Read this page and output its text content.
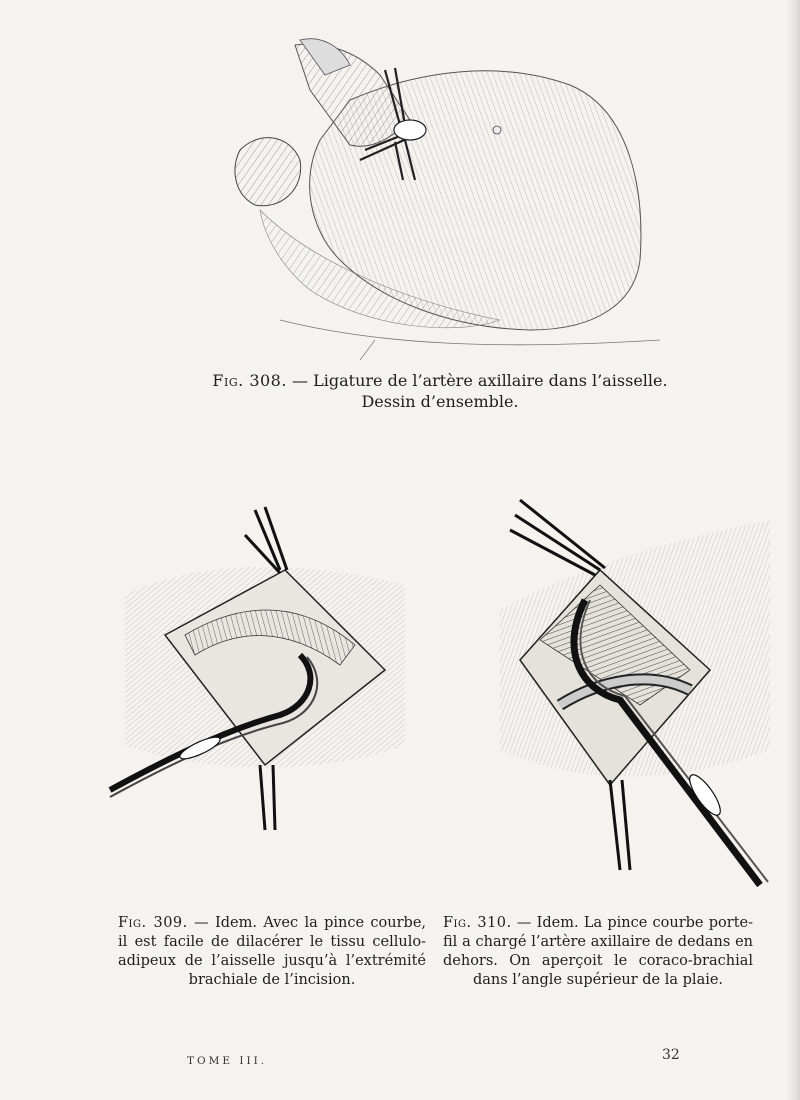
Fig. 308. — Ligature de l’artère axillaire dans l’aisselle. Dessin d’ensemble.
Fig. 309. — Idem. Avec la pince courbe, il est facile de dilacérer le tissu cellulo-adipeux de l’aisselle jusqu’à l’extrémité brachiale de l’incision.
Fig. 310. — Idem. La pince courbe porte-fil a chargé l’artère axillaire de dedans en dehors. On aperçoit le coraco-brachial dans l’angle supérieur de la plaie.
TOME III.	32
